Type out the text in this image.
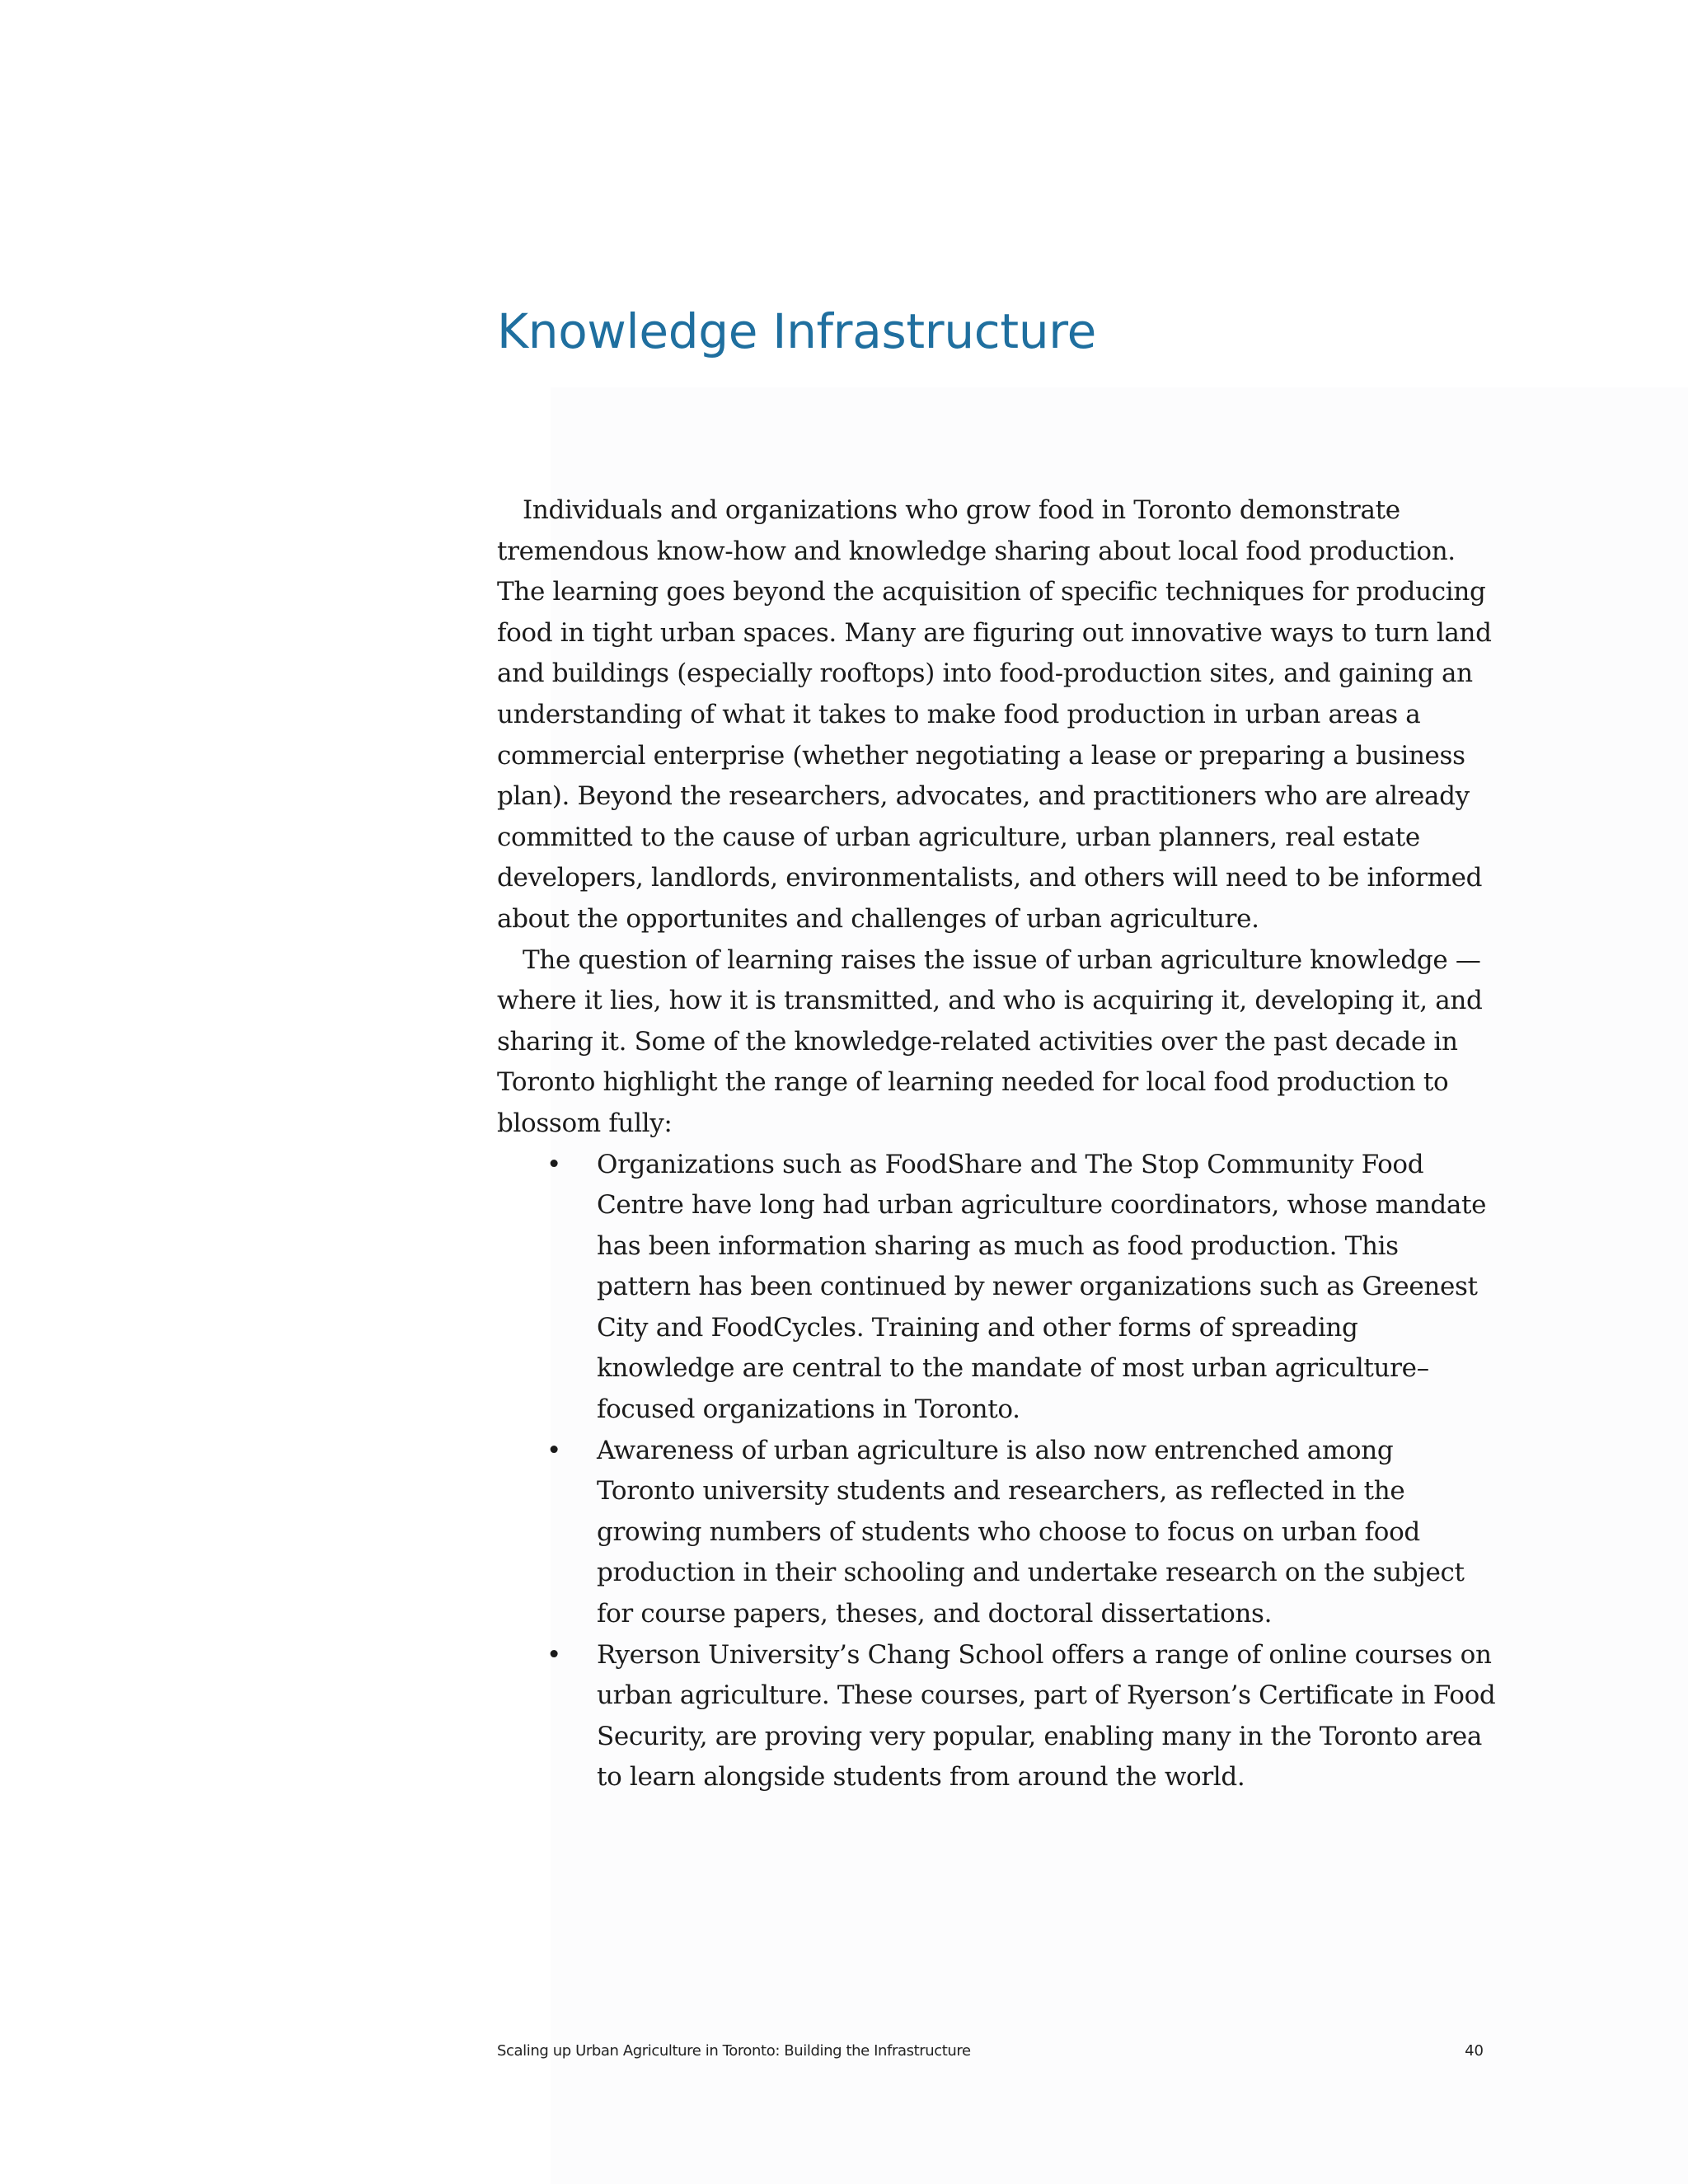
Knowledge Infrastructure

Individuals and organizations who grow food in Toronto demonstrate tremendous know-how and knowledge sharing about local food production. The learning goes beyond the acquisition of specific techniques for producing food in tight urban spaces. Many are figuring out innovative ways to turn land and buildings (especially rooftops) into food-production sites, and gaining an understanding of what it takes to make food production in urban areas a commercial enterprise (whether negotiating a lease or preparing a business plan). Beyond the researchers, advocates, and practitioners who are already committed to the cause of urban agriculture, urban planners, real estate developers, landlords, environmentalists, and others will need to be informed about the opportunites and challenges of urban agriculture.

The question of learning raises the issue of urban agriculture knowledge — where it lies, how it is transmitted, and who is acquiring it, developing it, and sharing it. Some of the knowledge-related activities over the past decade in Toronto highlight the range of learning needed for local food production to blossom fully:

• Organizations such as FoodShare and The Stop Community Food Centre have long had urban agriculture coordinators, whose mandate has been information sharing as much as food production. This pattern has been continued by newer organizations such as Greenest City and FoodCycles. Training and other forms of spreading knowledge are central to the mandate of most urban agriculture–focused organizations in Toronto.
• Awareness of urban agriculture is also now entrenched among Toronto university students and researchers, as reflected in the growing numbers of students who choose to focus on urban food production in their schooling and undertake research on the subject for course papers, theses, and doctoral dissertations.
• Ryerson University’s Chang School offers a range of online courses on urban agriculture. These courses, part of Ryerson’s Certificate in Food Security, are proving very popular, enabling many in the Toronto area to learn alongside students from around the world.
Scaling up Urban Agriculture in Toronto: Building the Infrastructure	40
